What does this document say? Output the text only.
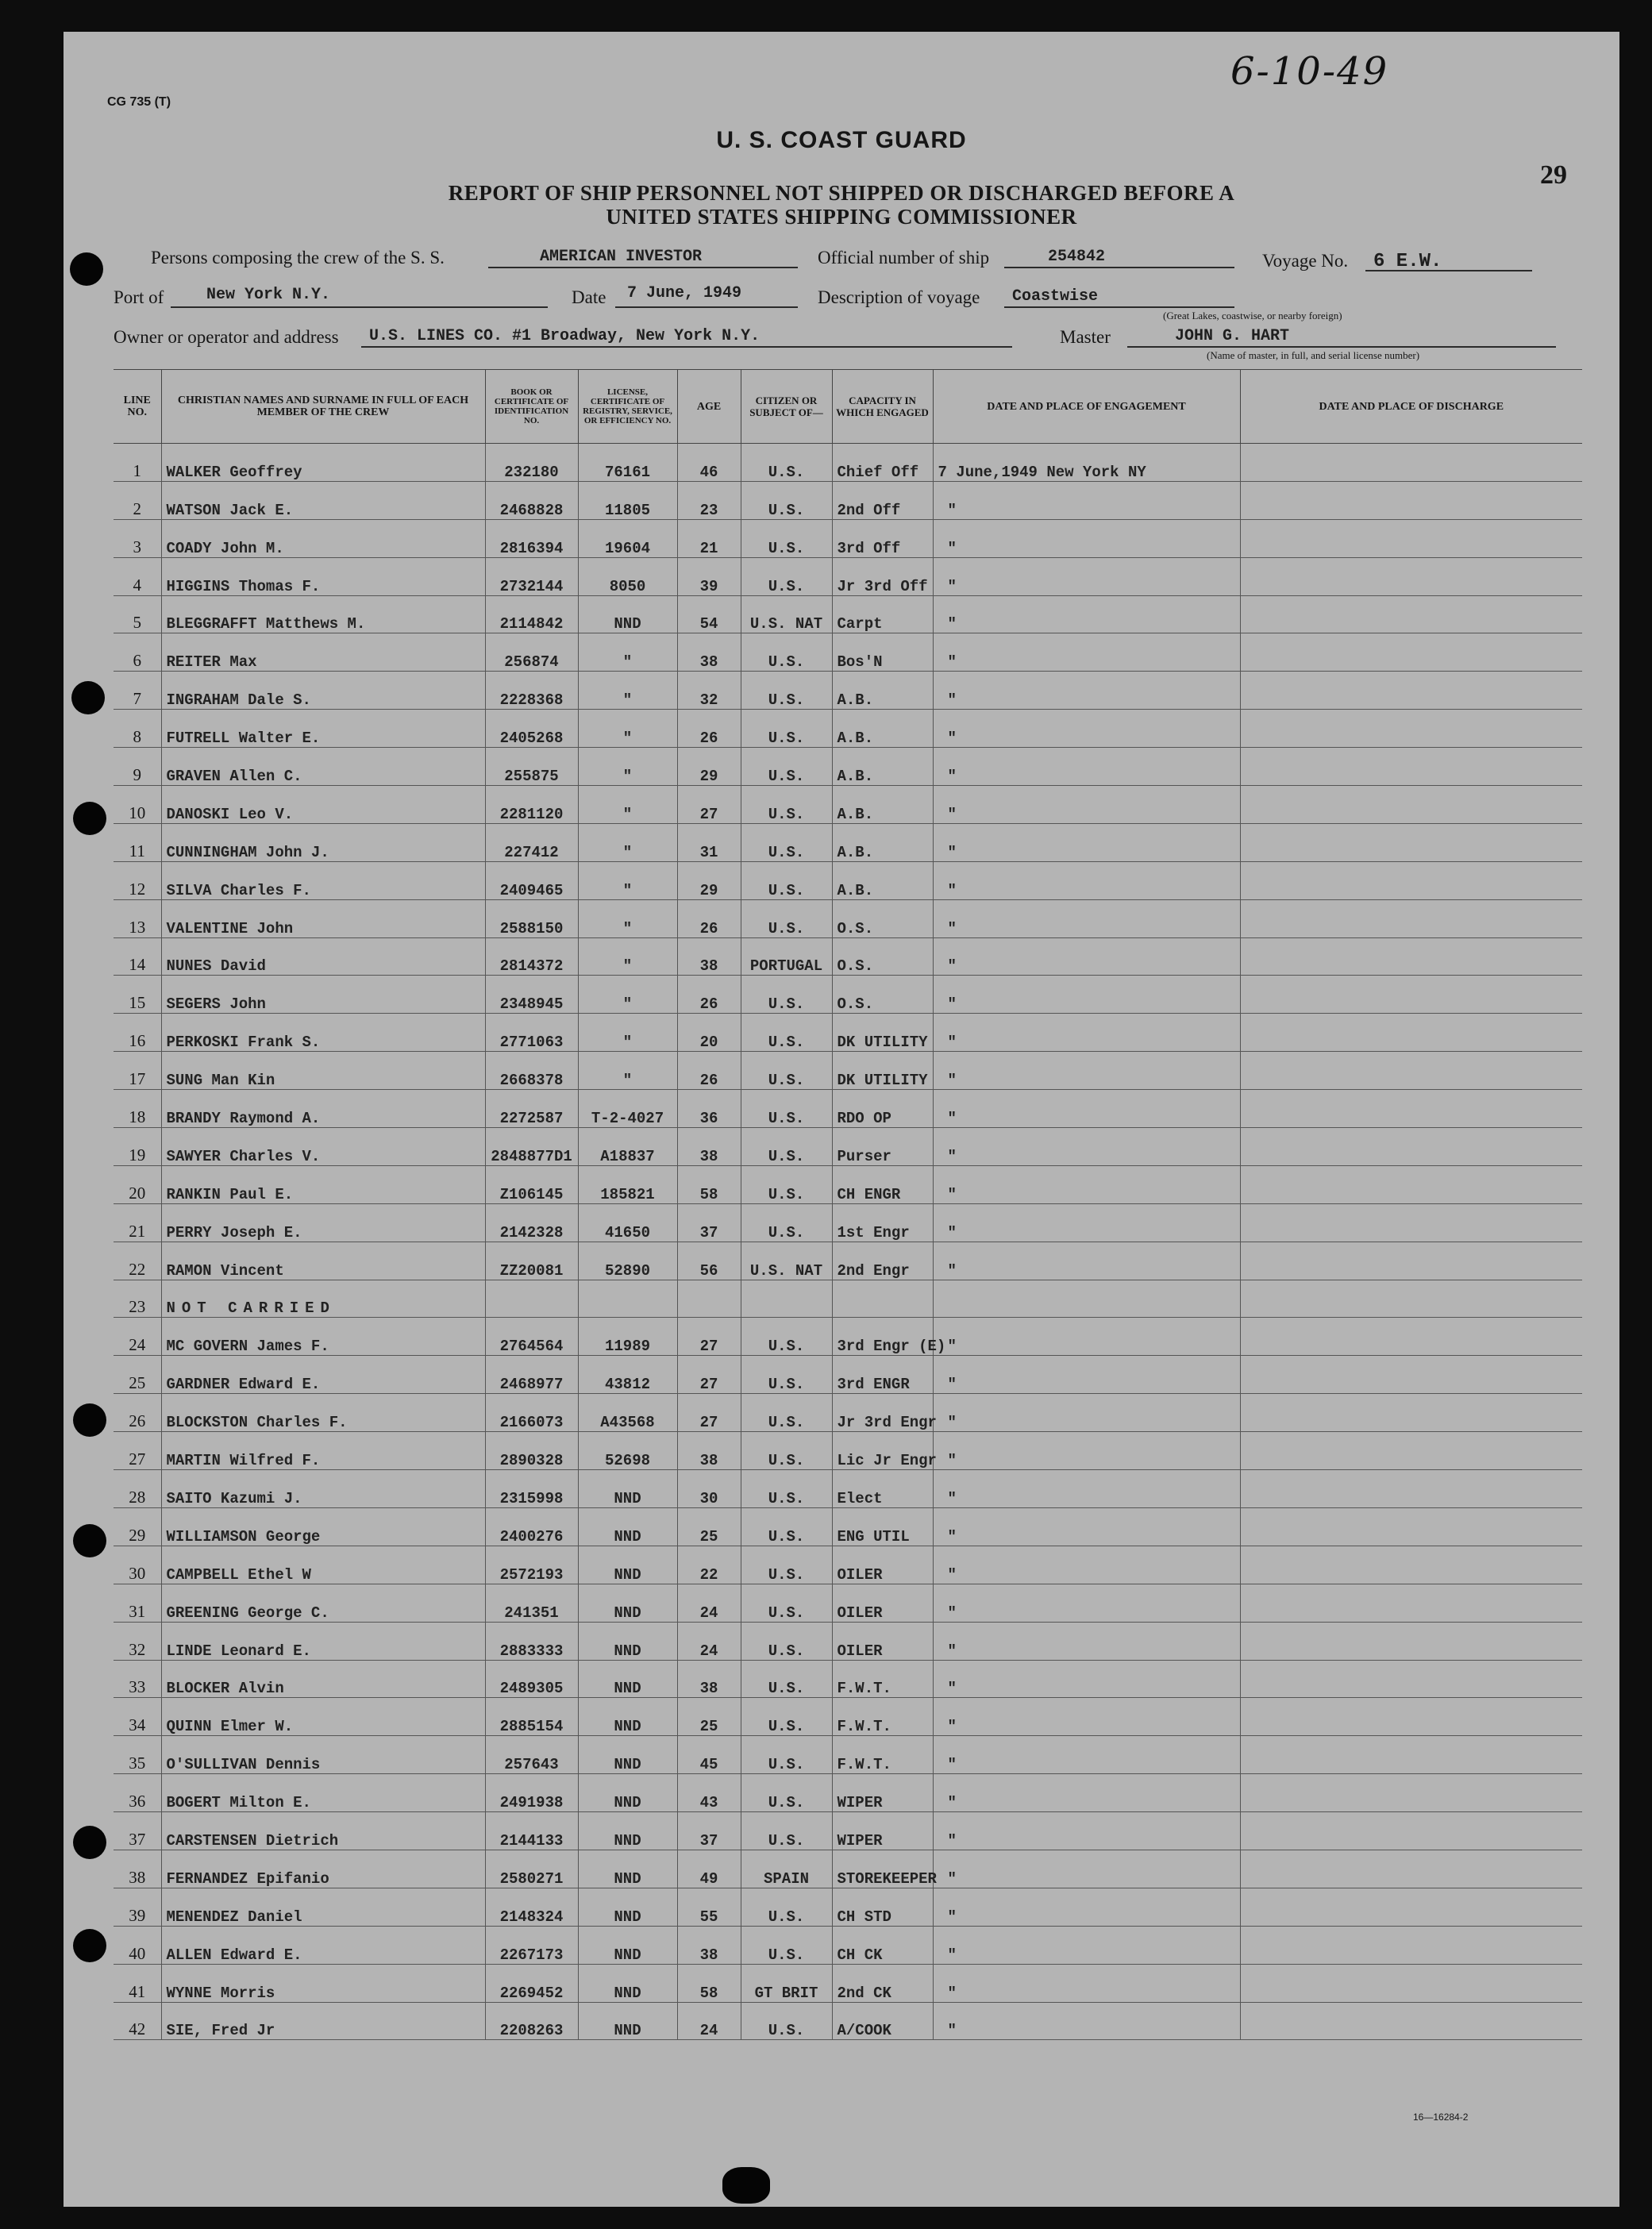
CG 735 (T)
6-10-49
U. S. COAST GUARD
29
REPORT OF SHIP PERSONNEL NOT SHIPPED OR DISCHARGED BEFORE A
UNITED STATES SHIPPING COMMISSIONER
Persons composing the crew of the S. S.	AMERICAN INVESTOR	Official number of ship	254842	Voyage No. 6 E.W.
Port of	New York N.Y.	Date 7 June, 1949	Description of voyage Coastwise
(Great Lakes, coastwise, or nearby foreign)
Owner or operator and address U.S. LINES CO. #1 Broadway, New York N.Y.	Master	JOHN G. HART
(Name of master, in full, and serial license number)
LINE NO.	CHRISTIAN NAMES AND SURNAME IN FULL OF EACH MEMBER OF THE CREW	BOOK OR CERTIFICATE OF IDENTIFICATION NO.	LICENSE, CERTIFICATE OF REGISTRY, SERVICE, OR EFFICIENCY NO.	AGE	CITIZEN OR SUBJECT OF—	CAPACITY IN WHICH ENGAGED	DATE AND PLACE OF ENGAGEMENT	DATE AND PLACE OF DISCHARGE
1	WALKER Geoffrey	232180	76161	46	U.S.	Chief Off	7 June,1949 New York NY	
2	WATSON Jack E.	2468828	11805	23	U.S.	2nd Off	"	
3	COADY John M.	2816394	19604	21	U.S.	3rd Off	"	
4	HIGGINS Thomas F.	2732144	8050	39	U.S.	Jr 3rd Off	"	
5	BLEGGRAFFT Matthews M.	2114842	NND	54	U.S. NAT	Carpt	"	
6	REITER Max	256874	"	38	U.S.	Bos'N	"	
7	INGRAHAM Dale S.	2228368	"	32	U.S.	A.B.	"	
8	FUTRELL Walter E.	2405268	"	26	U.S.	A.B.	"	
9	GRAVEN Allen C.	255875	"	29	U.S.	A.B.	"	
10	DANOSKI Leo V.	2281120	"	27	U.S.	A.B.	"	
11	CUNNINGHAM John J.	227412	"	31	U.S.	A.B.	"	
12	SILVA Charles F.	2409465	"	29	U.S.	A.B.	"	
13	VALENTINE John	2588150	"	26	U.S.	O.S.	"	
14	NUNES David	2814372	"	38	PORTUGAL	O.S.	"	
15	SEGERS John	2348945	"	26	U.S.	O.S.	"	
16	PERKOSKI Frank S.	2771063	"	20	U.S.	DK UTILITY	"	
17	SUNG Man Kin	2668378	"	26	U.S.	DK UTILITY	"	
18	BRANDY Raymond A.	2272587	T-2-4027	36	U.S.	RDO OP	"	
19	SAWYER Charles V.	2848877D1	A18837	38	U.S.	Purser	"	
20	RANKIN Paul E.	Z106145	185821	58	U.S.	CH ENGR	"	
21	PERRY Joseph E.	2142328	41650	37	U.S.	1st Engr	"	
22	RAMON Vincent	ZZ20081	52890	56	U.S. NAT	2nd Engr	"	
23	NOT CARRIED							
24	MC GOVERN James F.	2764564	11989	27	U.S.	3rd Engr (E)	"	
25	GARDNER Edward E.	2468977	43812	27	U.S.	3rd ENGR	"	
26	BLOCKSTON Charles F.	2166073	A43568	27	U.S.	Jr 3rd Engr	"	
27	MARTIN Wilfred F.	2890328	52698	38	U.S.	Lic Jr Engr	"	
28	SAITO Kazumi J.	2315998	NND	30	U.S.	Elect	"	
29	WILLIAMSON George	2400276	NND	25	U.S.	ENG UTIL	"	
30	CAMPBELL Ethel W	2572193	NND	22	U.S.	OILER	"	
31	GREENING George C.	241351	NND	24	U.S.	OILER	"	
32	LINDE Leonard E.	2883333	NND	24	U.S.	OILER	"	
33	BLOCKER Alvin	2489305	NND	38	U.S.	F.W.T.	"	
34	QUINN Elmer W.	2885154	NND	25	U.S.	F.W.T.	"	
35	O'SULLIVAN Dennis	257643	NND	45	U.S.	F.W.T.	"	
36	BOGERT Milton E.	2491938	NND	43	U.S.	WIPER	"	
37	CARSTENSEN Dietrich	2144133	NND	37	U.S.	WIPER	"	
38	FERNANDEZ Epifanio	2580271	NND	49	SPAIN	STOREKEEPER	"	
39	MENENDEZ Daniel	2148324	NND	55	U.S.	CH STD	"	
40	ALLEN Edward E.	2267173	NND	38	U.S.	CH CK	"	
41	WYNNE Morris	2269452	NND	58	GT BRIT	2nd CK	"	
42	SIE, Fred Jr	2208263	NND	24	U.S.	A/COOK	"	
16—16284-2
